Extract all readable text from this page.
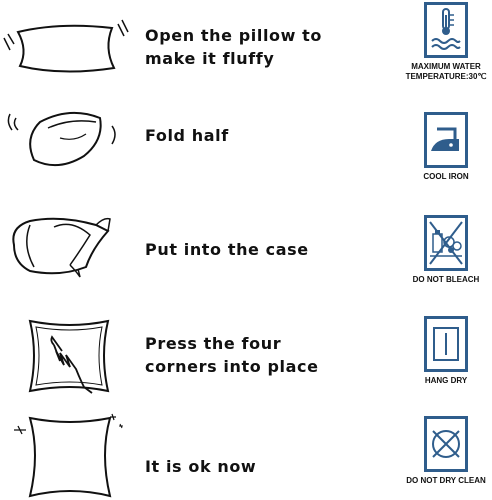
Open the pillow to
make it fluffy
Fold half
Put into the case
Press the four
corners into place
It is ok now
MAXIMUM WATER
TEMPERATURE:30℃
COOL IRON
DO NOT BLEACH
HANG DRY
DO NOT DRY CLEAN
